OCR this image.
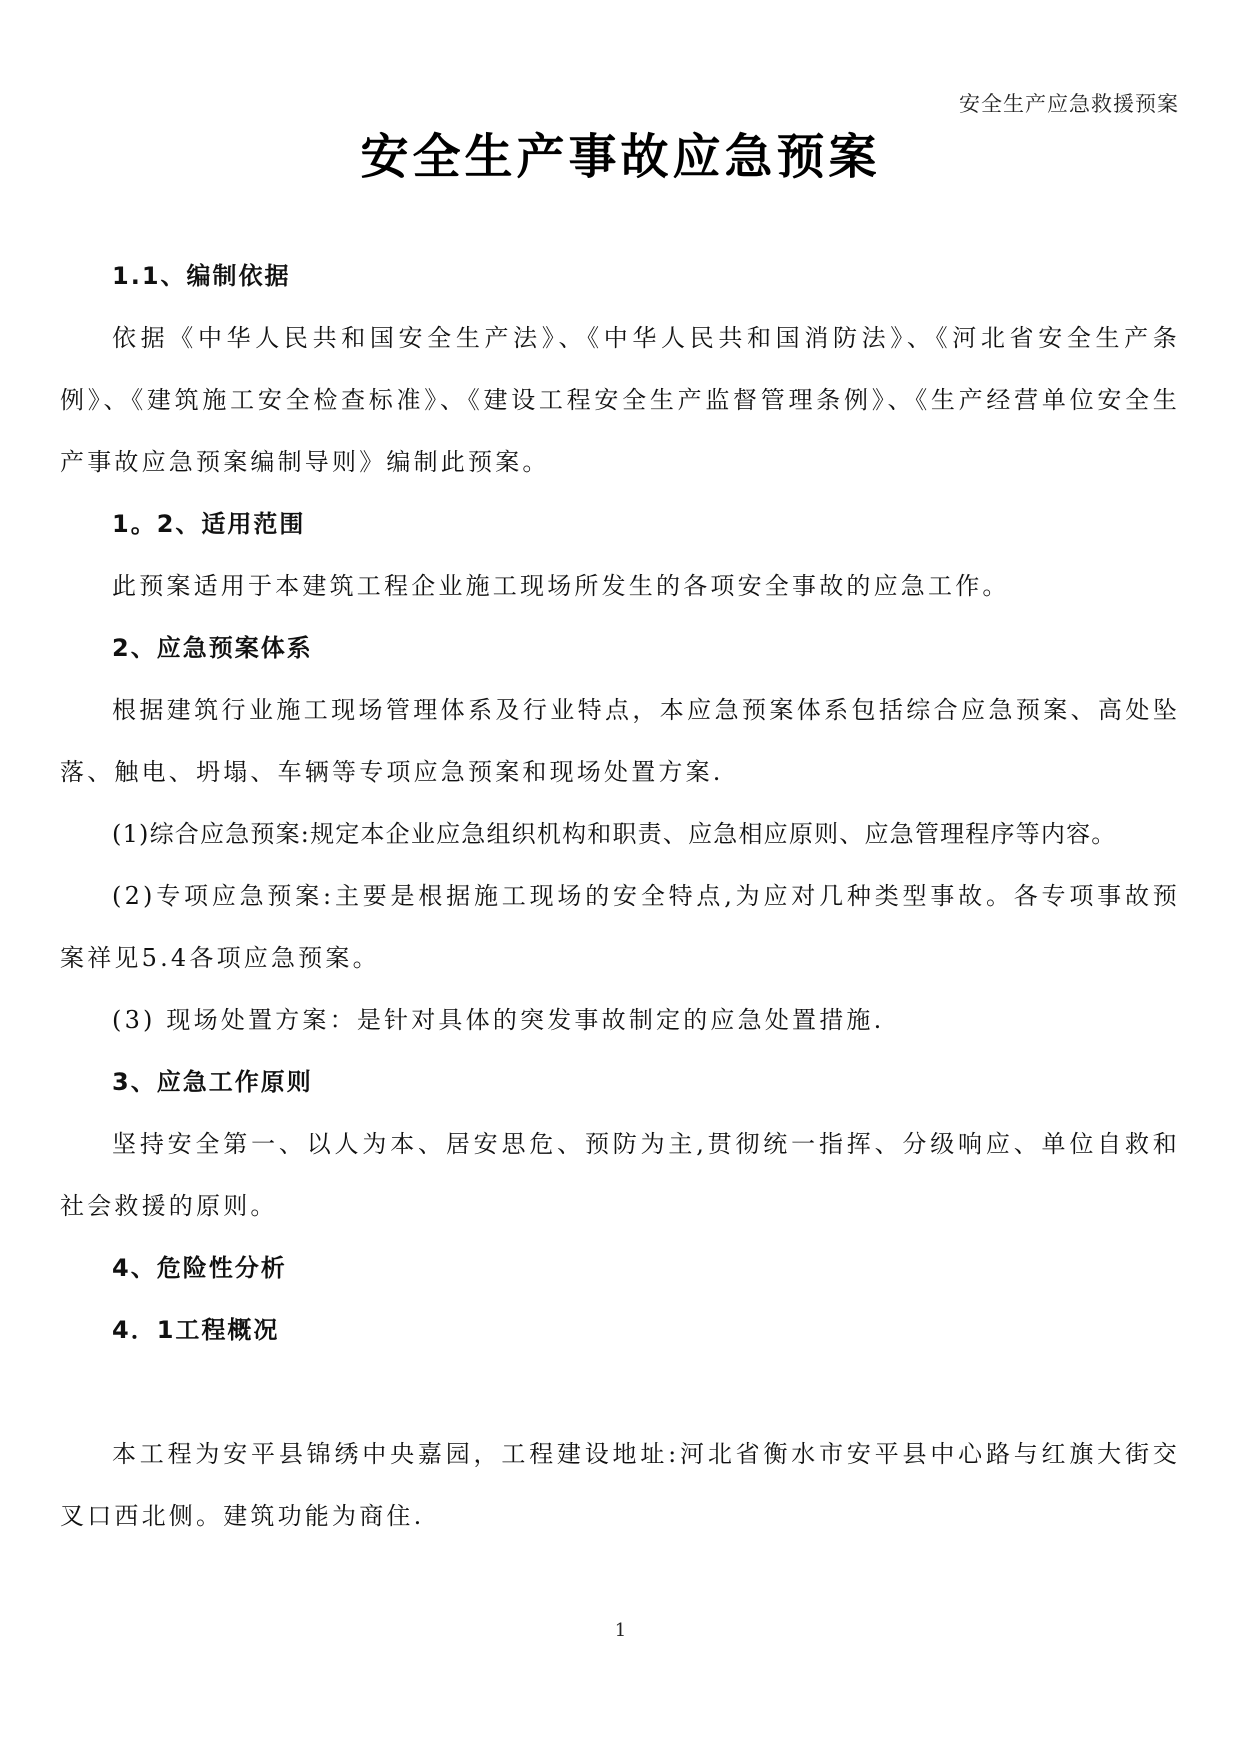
安全生产应急救援预案
安全生产事故应急预案
1.1、编制依据

依据《中华人民共和国安全生产法》、《中华人民共和国消防法》、《河北省安全生产条例》、《建筑施工安全检查标准》、《建设工程安全生产监督管理条例》、《生产经营单位安全生产事故应急预案编制导则》编制此预案。

1。2、适用范围

此预案适用于本建筑工程企业施工现场所发生的各项安全事故的应急工作。

2、应急预案体系

根据建筑行业施工现场管理体系及行业特点，本应急预案体系包括综合应急预案、高处坠落、触电、坍塌、车辆等专项应急预案和现场处置方案.

(1)综合应急预案:规定本企业应急组织机构和职责、应急相应原则、应急管理程序等内容。

(2)专项应急预案:主要是根据施工现场的安全特点,为应对几种类型事故。各专项事故预案祥见5.4各项应急预案。

(3) 现场处置方案：是针对具体的突发事故制定的应急处置措施.

3、应急工作原则

坚持安全第一、以人为本、居安思危、预防为主,贯彻统一指挥、分级响应、单位自救和社会救援的原则。

4、危险性分析
4．1工程概况

本工程为安平县锦绣中央嘉园，工程建设地址:河北省衡水市安平县中心路与红旗大街交叉口西北侧。建筑功能为商住.

1
